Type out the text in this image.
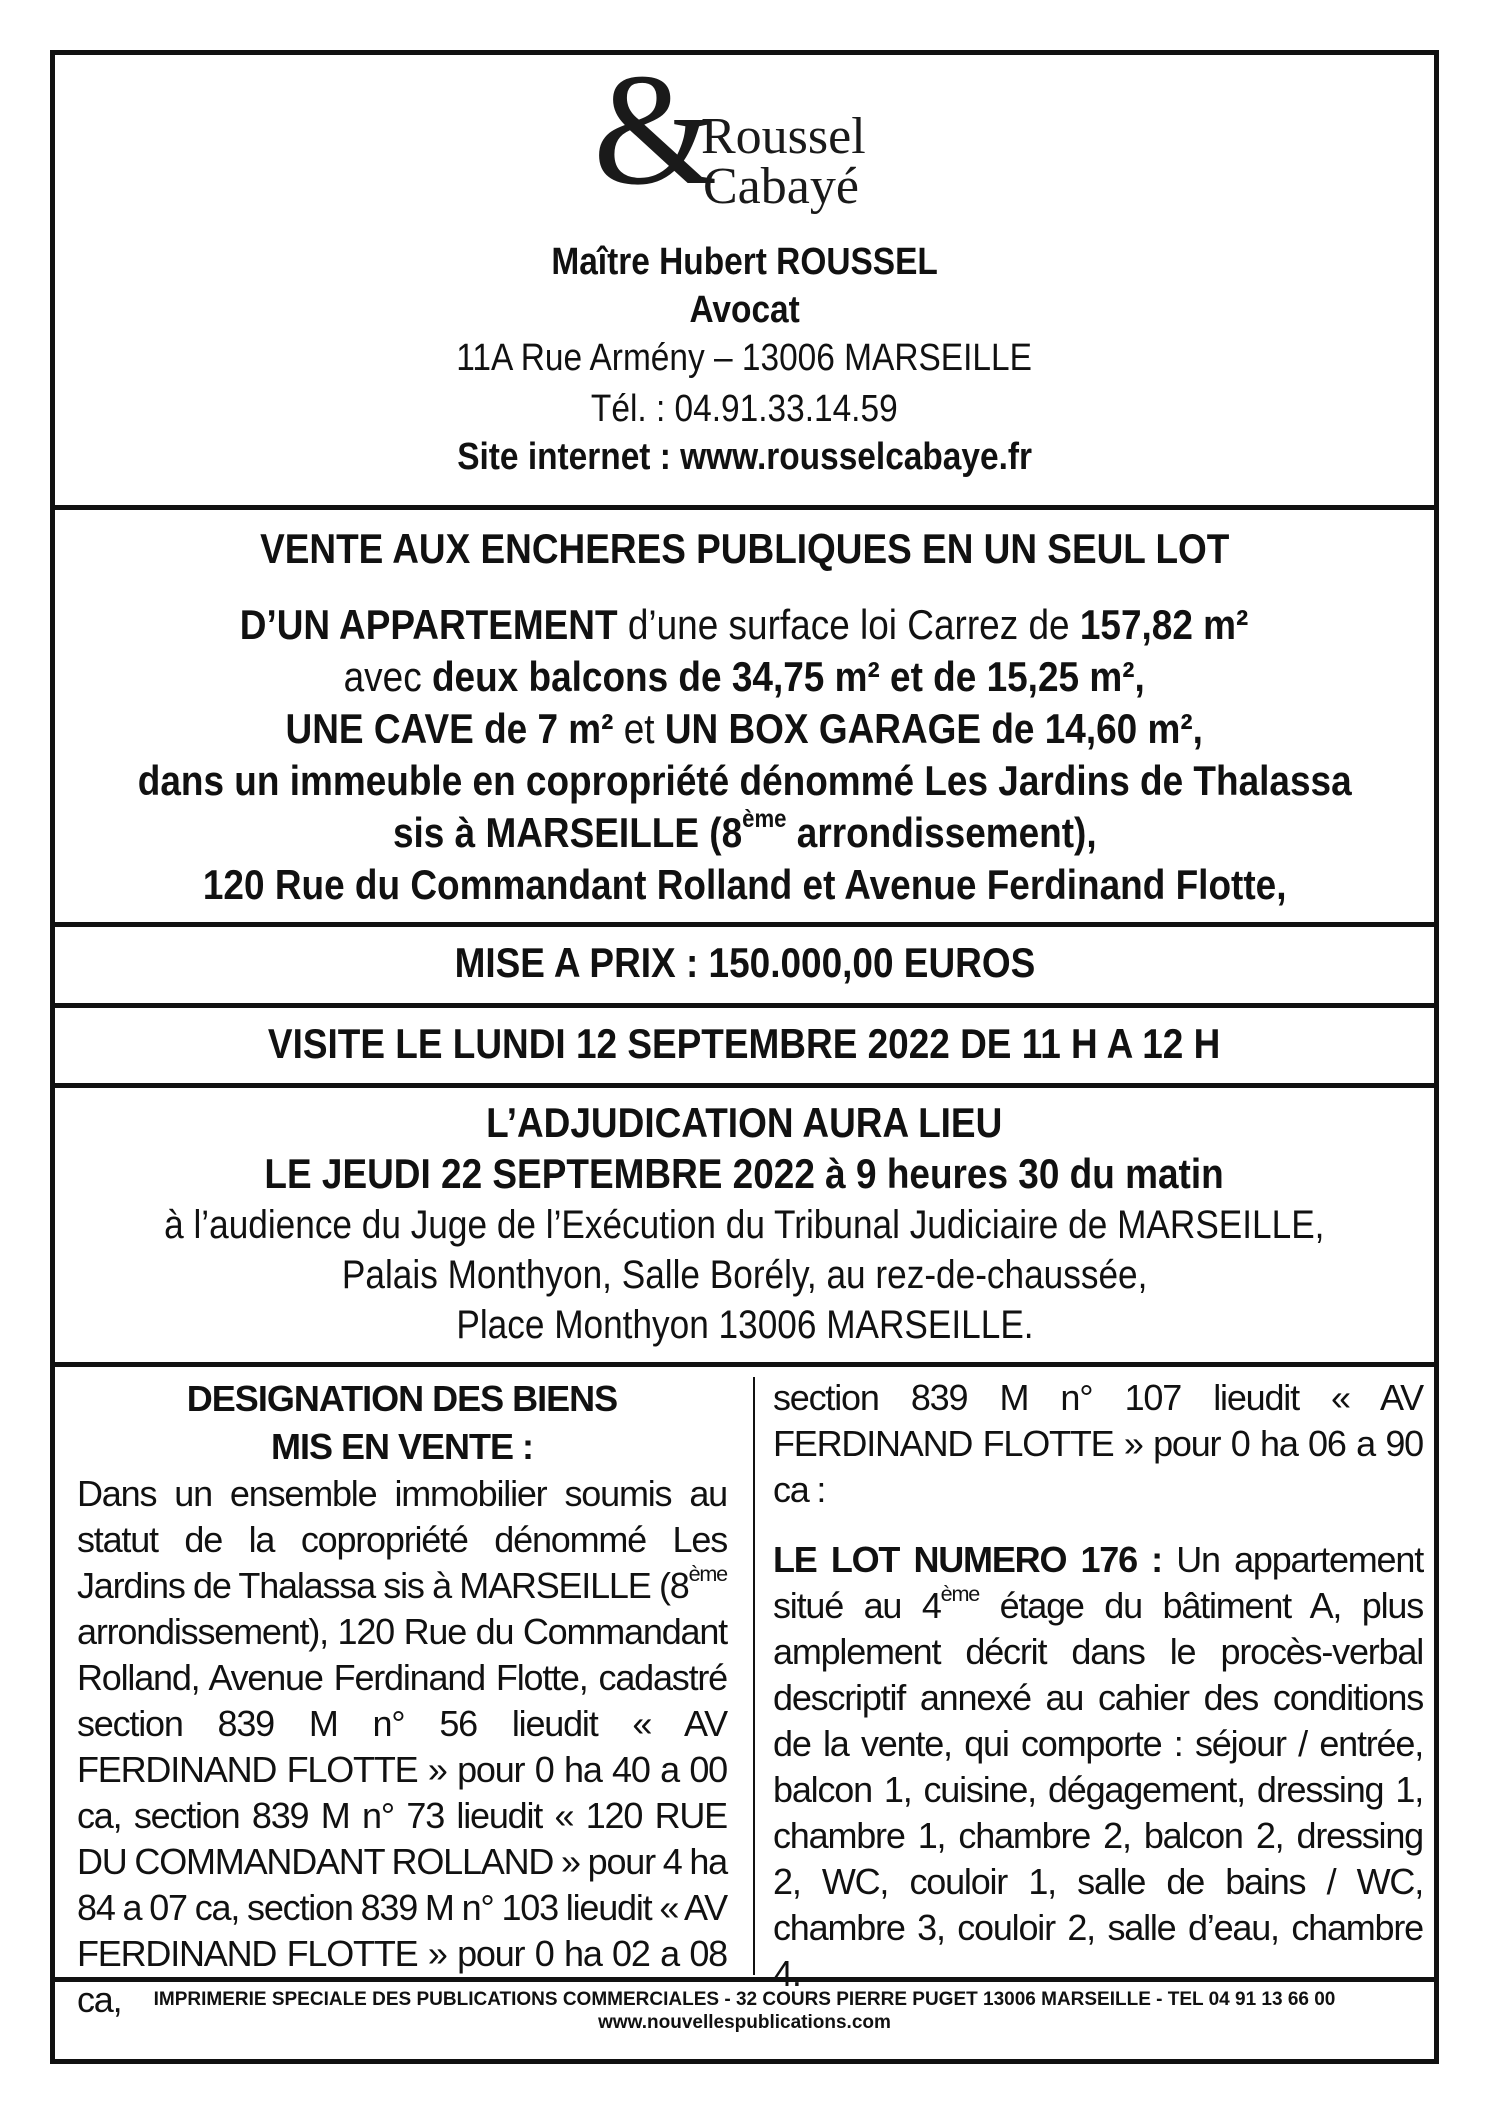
&
Roussel
Cabayé
Maître Hubert ROUSSEL
Avocat
11A Rue Armény – 13006 MARSEILLE
Tél. : 04.91.33.14.59
Site internet : www.rousselcabaye.fr
VENTE AUX ENCHERES PUBLIQUES EN UN SEUL LOT
D’UN APPARTEMENT d’une surface loi Carrez de 157,82 m²
avec deux balcons de 34,75 m² et de 15,25 m²,
UNE CAVE de 7 m² et UN BOX GARAGE de 14,60 m²,
dans un immeuble en copropriété dénommé Les Jardins de Thalassa
sis à MARSEILLE (8ème arrondissement),
120 Rue du Commandant Rolland et Avenue Ferdinand Flotte,
MISE A PRIX : 150.000,00 EUROS
VISITE LE LUNDI 12 SEPTEMBRE 2022 DE 11 H A 12 H
L’ADJUDICATION AURA LIEU
LE JEUDI 22 SEPTEMBRE 2022 à 9 heures 30 du matin
à l’audience du Juge de l’Exécution du Tribunal Judiciaire de MARSEILLE,
Palais Monthyon, Salle Borély, au rez-de-chaussée,
Place Monthyon 13006 MARSEILLE.
DESIGNATION DES BIENS
MIS EN VENTE :

Dans un ensemble immobilier soumis au statut de la copropriété dénommé Les Jardins de Thalassa sis à MARSEILLE (8ème arrondissement), 120 Rue du Commandant Rolland, Avenue Ferdinand Flotte, cadastré section 839 M n° 56 lieudit « AV FERDINAND FLOTTE » pour 0 ha 40 a 00 ca, section 839 M n° 73 lieudit « 120 RUE DU COMMANDANT ROLLAND » pour 4 ha 84 a 07 ca, section 839 M n° 103 lieudit « AV FERDINAND FLOTTE » pour 0 ha 02 a 08 ca,

section 839 M n° 107 lieudit « AV FERDINAND FLOTTE » pour 0 ha 06 a 90 ca :

LE LOT NUMERO 176 : Un appartement situé au 4ème étage du bâtiment A, plus amplement décrit dans le procès-verbal descriptif annexé au cahier des conditions de la vente, qui comporte : séjour / entrée, balcon 1, cuisine, dégagement, dressing 1, chambre 1, chambre 2, balcon 2, dressing 2, WC, couloir 1, salle de bains / WC, chambre 3, couloir 2, salle d’eau, chambre 4.

IMPRIMERIE SPECIALE DES PUBLICATIONS COMMERCIALES - 32 COURS PIERRE PUGET 13006 MARSEILLE - TEL 04 91 13 66 00
www.nouvellespublications.com
